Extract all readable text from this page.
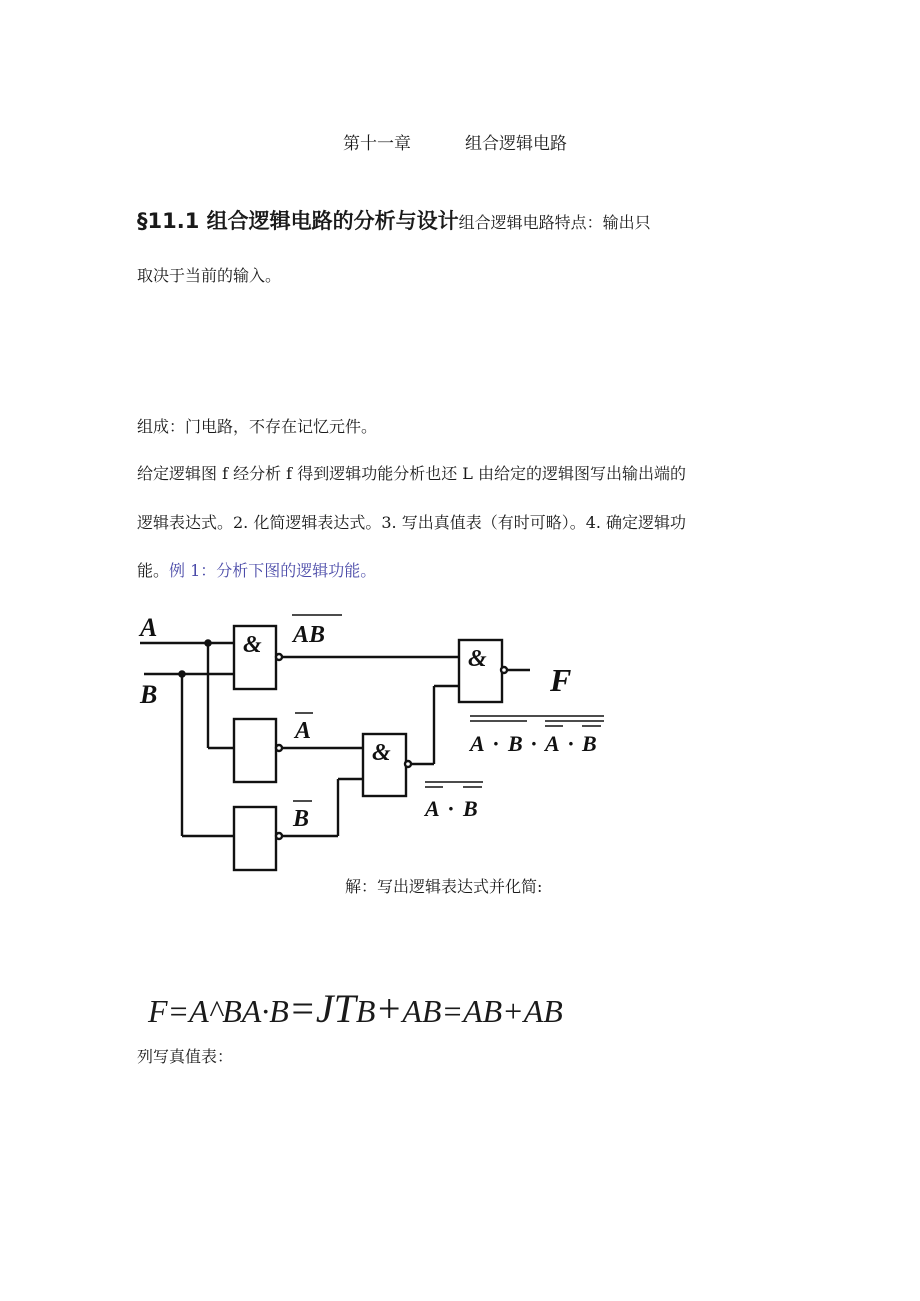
第十一章	组合逻辑电路
§11.1 组合逻辑电路的分析与设计组合逻辑电路特点：输出只
取决于当前的输入。
组成：门电路，不存在记忆元件。
给定逻辑图 f 经分析 f 得到逻辑功能分析也还 L 由给定的逻辑图写出输出端的
逻辑表达式。2. 化简逻辑表达式。3. 写出真值表（有时可略）。4. 确定逻辑功
能。例 1：分析下图的逻辑功能。
&
&
&
A
B	F
AB
A
B	A · B
A · B · A · B
解：写出逻辑表达式并化简:
F=A^BA·B=JTB+AB=AB+AB
列写真值表：
